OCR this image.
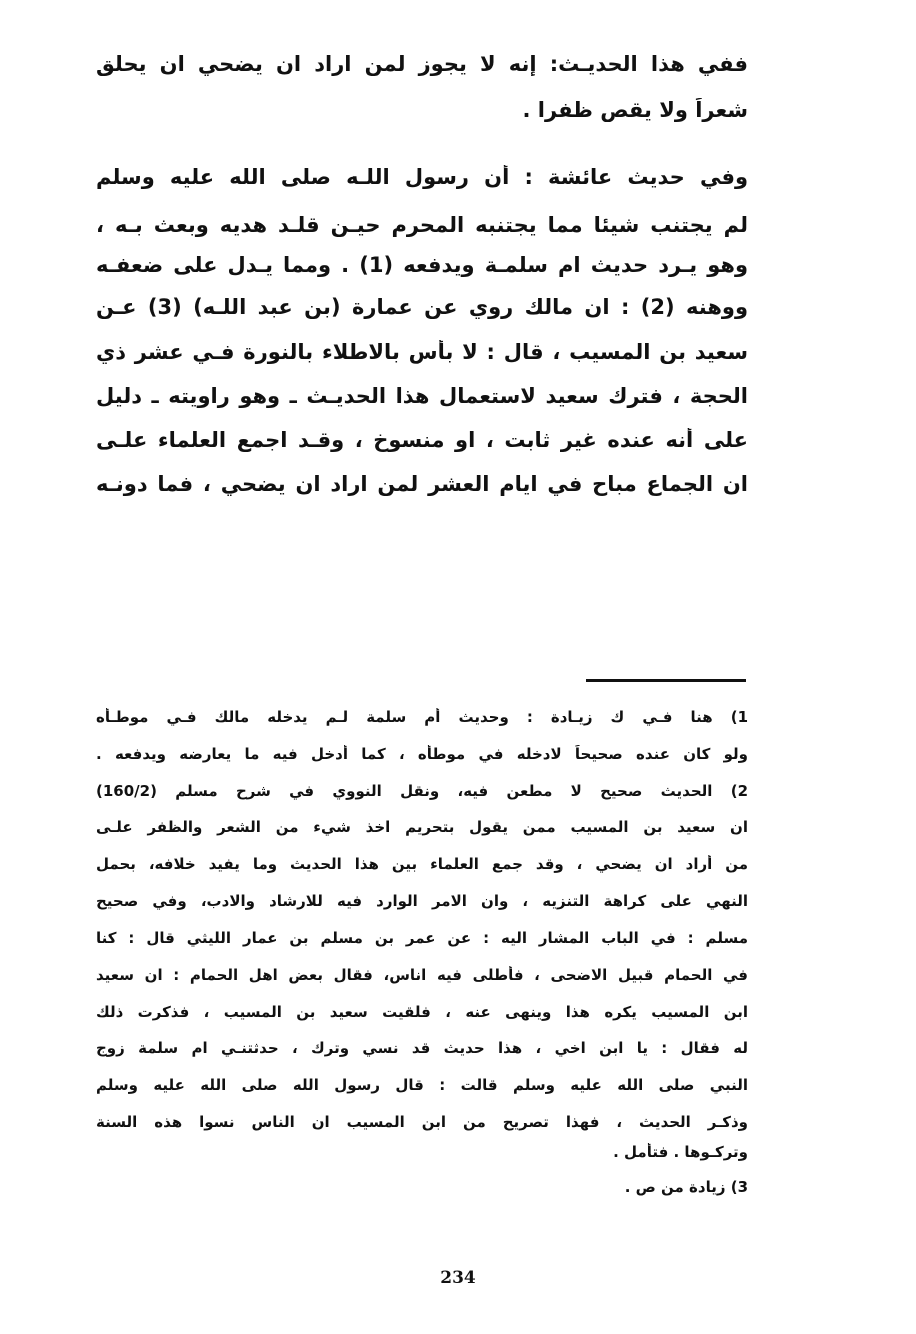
ففي هذا الحديـث: إنه لا يجوز لمن اراد ان يضحي ان يحلق
شعراً ولا يقص ظفرا .
وفي حديث عائشة : أن رسول اللـه صلى الله عليه وسلم
لم يجتنب شيئا مما يجتنبه المحرم حيـن قلـد هديه وبعث بـه ،
وهو يـرد حديث ام سلمـة ويدفعه (1) . ومما يـدل على ضعفـه
ووهنه (2) : ان مالك روي عن عمارة (بن عبد اللـه) (3) عـن
سعيد بن المسيب ، قال : لا بأس بالاطلاء بالنورة فـي عشر ذي
الحجة ، فترك سعيد لاستعمال هذا الحديـث ـ وهو راويته ـ دليل
على أنه عنده غير ثابت ، او منسوخ ، وقـد اجمع العلماء علـى
ان الجماع مباح في ايام العشر لمن اراد ان يضحي ، فما دونـه
1) هنا فـي ك زيـادة : وحديث أم سلمة لـم يدخله مالك فـي موطـأه
ولو كان عنده صحيحاً لادخله في موطأه ، كما أدخل فيه ما يعارضه ويدفعه .
2) الحديث صحيح لا مطعن فيه، ونقل النووي في شرح مسلم (160/2)
ان سعيد بن المسيب ممن يقول بتحريم اخذ شيء من الشعر والظفر علـى
من أراد ان يضحي ، وقد جمع العلماء بين هذا الحديث وما يفيد خلافه، بحمل
النهي على كراهة التنزيه ، وان الامر الوارد فيه للارشاد والادب، وفي صحيح
مسلم : في الباب المشار اليه : عن عمر بن مسلم بن عمار الليثي قال : كنا
في الحمام قبيل الاضحى ، فأطلى فيه اناس، فقال بعض اهل الحمام : ان سعيد
ابن المسيب يكره هذا وينهى عنه ، فلقيت سعيد بن المسيب ، فذكرت ذلك
له فقال : يا ابن اخي ، هذا حديث قد نسي وترك ، حدثتنـي ام سلمة زوج
النبي صلى الله عليه وسلم قالت : قال رسول الله صلى الله عليه وسلم
وذكـر الحديث ، فهذا تصريح من ابن المسيب ان الناس نسوا هذه السنة
وتركـوها . فتأمل .
3) زيادة من ص .
234
